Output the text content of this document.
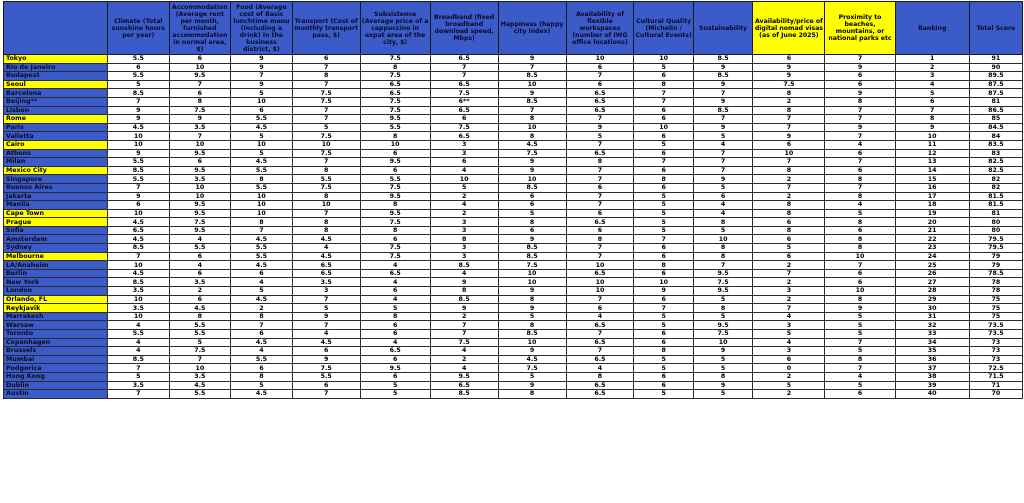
	Climate (Total sunshine hours per year)	Accommodation (Average rent per month, furnished accommodation in normal area, $)	Food (Average cost of Basic lunchtime menu (including a drink) in the business district, $)	Transport (Cost of monthly transport pass, $)	Subsistence (Average price of a cappuccino in expat area of the city, $)	Broadband (fixed broadband download speed, Mbps)	Happiness (happy city index)	Availability of flexible workspaces (number of IWG office locations)	Cultural Quality (Michelin / Cultural Events)	Sustainability	Availability/price of digital nomad visas (as of June 2025)	Proximity to beaches, mountains, or national parks etc	Ranking	Total Score
Tokyo	5.5	6	9	6	7.5	6.5	9	10	10	8.5	6	7	1	91
Rio de Janeiro	6	10	9	7	8	7	7	6	5	9	9	9	2	90
Budapest	5.5	9.5	7	8	7.5	7	8.5	7	6	8.5	9	6	3	89.5
Seoul	5	7	9	7	6.5	6.5	10	6	8	9	7.5	6	4	87.5
Barcelona	8.5	6	5	7.5	6.5	7.5	9	6.5	7	7	8	9	5	87.5
Beijing**	7	8	10	7.5	7.5	6**	8.5	6.5	7	9	2	8	6	81
Lisbon	9	7.5	6	7	7.5	6.5	7	6.5	6	8.5	8	7	7	86.5
Rome	9	9	5.5	7	9.5	6	8	7	6	7	7	7	8	85
Paris	4.5	3.5	4.5	5	5.5	7.5	10	9	10	9	7	9	9	84.5
Valletta	10	7	5	7.5	8	6.5	8	5	6	5	9	7	10	84
Cairo	10	10	10	10	10	3	4.5	7	5	4	6	4	11	83.5
Athens	9	9.5	5	7.5	6	3	7.5	6.5	6	7	10	6	12	83
Milan	5.5	6	4.5	7	9.5	6	9	8	7	7	7	7	13	82.5
Mexico City	8.5	9.5	5.5	8	6	4	9	7	6	7	8	6	14	82.5
Singapore	5.5	3.5	8	5.5	5.5	10	10	7	8	9	2	8	15	82
Buenos Aires	7	10	5.5	7.5	7.5	5	8.5	6	6	5	7	7	16	82
Jakarta	9	10	10	8	9.5	2	6	7	5	6	2	8	17	81.5
Manila	6	9.5	10	10	8	4	6	7	5	4	8	4	18	81.5
Cape Town	10	9.5	10	7	9.5	2	5	6	5	4	8	5	19	81
Prague	4.5	7.5	8	8	7.5	3	8	6.5	5	8	6	8	20	80
Sofia	6.5	9.5	7	8	8	3	6	6	5	5	8	6	21	80
Amsterdam	4.5	4	4.5	4.5	6	8	9	8	7	10	6	8	22	79.5
Sydney	8.5	5.5	5.5	4	7.5	3	8.5	7	6	8	5	8	23	79.5
Melbourne	7	6	5.5	4.5	7.5	3	8.5	7	6	8	6	10	24	79
LA/Anaheim	10	4	4.5	6.5	4	8.5	7.5	10	8	7	2	7	25	79
Berlin	4.5	6	6	6.5	6.5	4	10	6.5	6	9.5	7	6	26	78.5
New York	8.5	3.5	4	3.5	4	9	10	10	10	7.5	2	6	27	78
London	3.5	2	5	3	6	8	9	10	9	9.5	3	10	28	78
Orlando, FL	10	6	4.5	7	4	8.5	8	7	6	5	2	8	29	75
Reykjavik	3.5	4.5	2	5	5	9	9	6	7	8	7	9	30	75
Marrakesh	10	8	8	9	8	2	5	4	5	5	4	5	31	75
Warsaw	4	5.5	7	7	6	7	8	6.5	5	9.5	3	5	32	73.5
Toronto	5.5	5.5	6	4	6	7	8.5	7	6	7.5	5	5	33	73.5
Copenhagen	4	5	4.5	4.5	4	7.5	10	6.5	6	10	4	7	34	73
Brussels	4	7.5	4	6	6.5	4	9	7	8	9	3	5	35	73
Mumbai	8.5	7	5.5	9	6	2	4.5	6.5	5	5	6	8	36	73
Podgorica	7	10	6	7.5	9.5	4	7.5	4	5	5	0	7	37	72.5
Hong Kong	5	3.5	8	5.5	6	9.5	5	8	6	8	2	4	38	71.5
Dublin	3.5	4.5	5	6	5	6.5	9	6.5	6	9	5	5	39	71
Austin	7	5.5	4.5	7	5	8.5	8	6.5	5	5	2	6	40	70
